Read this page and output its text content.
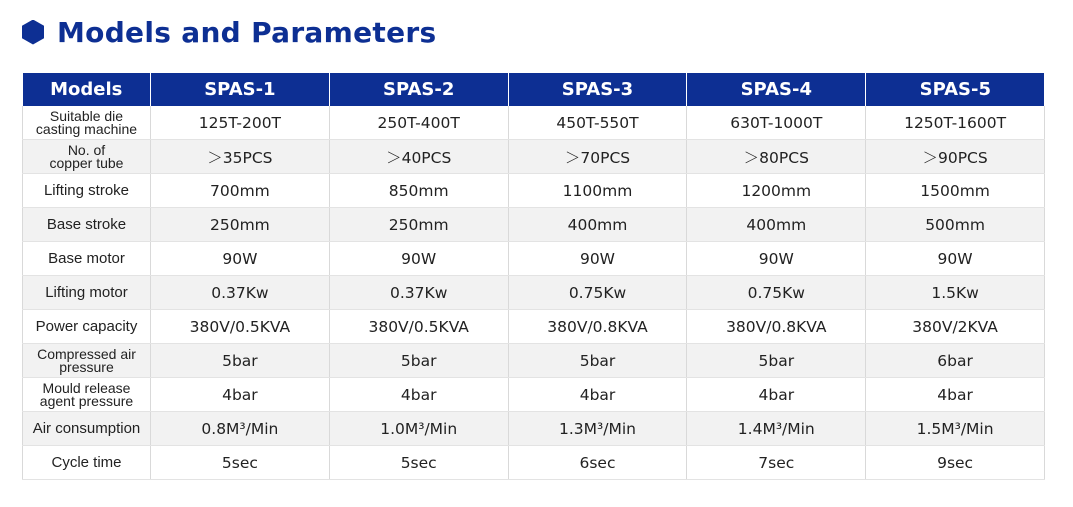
Models and Parameters
Models	SPAS-1	SPAS-2	SPAS-3	SPAS-4	SPAS-5

Suitable die
casting machine	125T-200T	250T-400T	450T-550T	630T-1000T	1250T-1600T

No. of
copper tube	＞35PCS	＞40PCS	＞70PCS	＞80PCS	＞90PCS

Lifting stroke	700mm	850mm	1100mm	1200mm	1500mm

Base stroke	250mm	250mm	400mm	400mm	500mm

Base motor	90W	90W	90W	90W	90W

Lifting motor	0.37Kw	0.37Kw	0.75Kw	0.75Kw	1.5Kw

Power capacity	380V/0.5KVA	380V/0.5KVA	380V/0.8KVA	380V/0.8KVA	380V/2KVA

Compressed air
pressure	5bar	5bar	5bar	5bar	6bar

Mould release
agent pressure	4bar	4bar	4bar	4bar	4bar

Air consumption	0.8M³/Min	1.0M³/Min	1.3M³/Min	1.4M³/Min	1.5M³/Min

Cycle time	5sec	5sec	6sec	7sec	9sec
